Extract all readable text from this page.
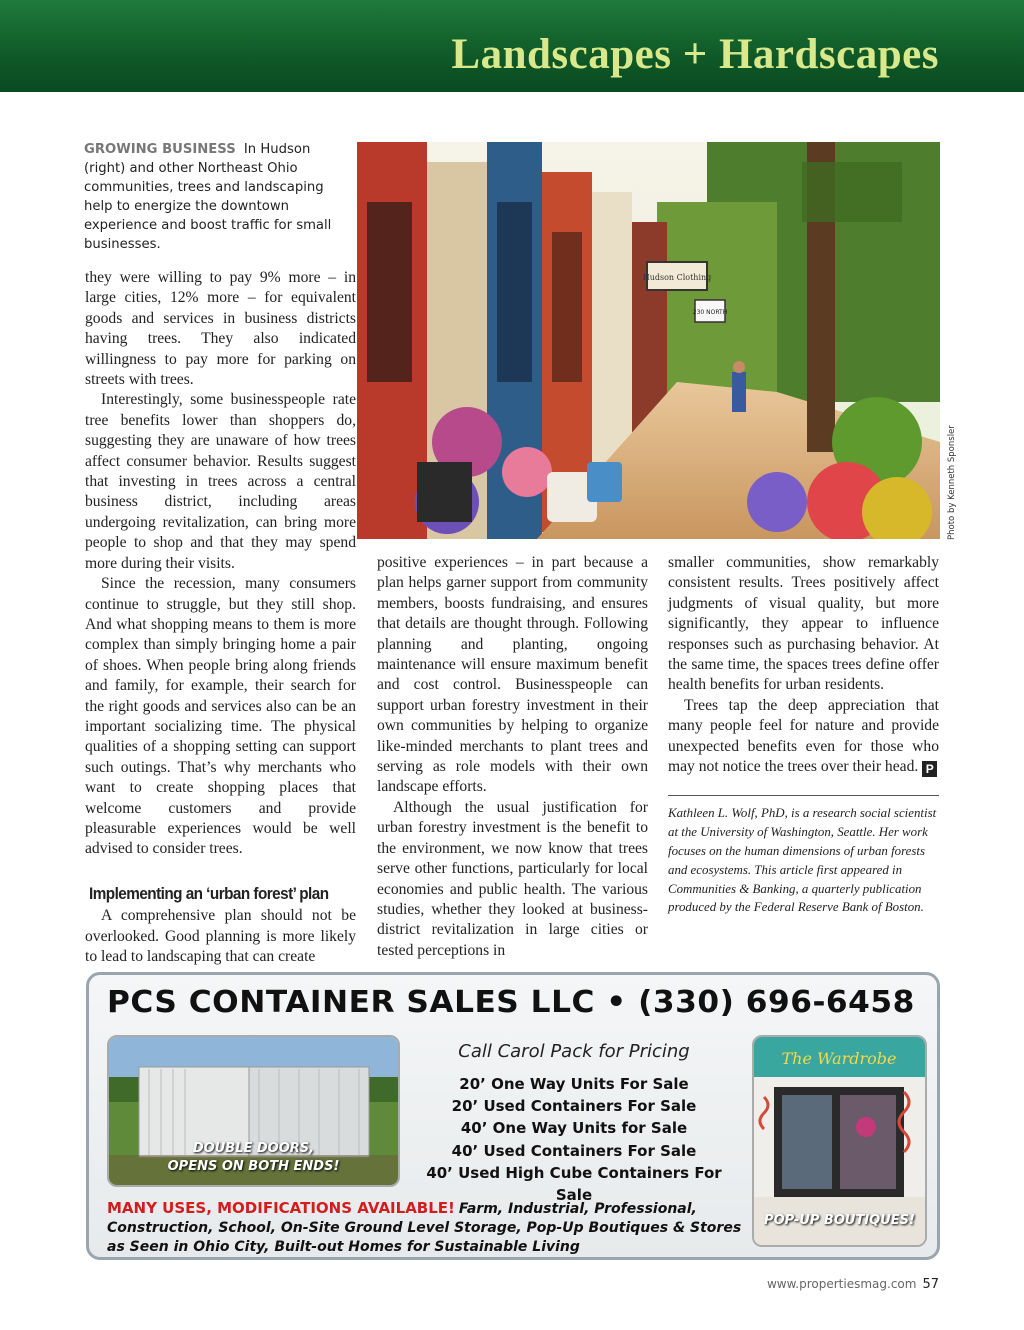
Landscapes + Hardscapes
GROWING BUSINESS In Hudson (right) and other Northeast Ohio communities, trees and landscaping help to energize the downtown experience and boost traffic for small businesses.
Hudson Clothing
230 NORTH
Photo by Kenneth Sponsler

they were willing to pay 9% more – in large cities, 12% more – for equivalent goods and services in business districts having trees. They also indicated willingness to pay more for parking on streets with trees.

Interestingly, some businesspeople rate tree benefits lower than shoppers do, suggesting they are unaware of how trees affect consumer behavior. Results suggest that investing in trees across a central business district, including areas undergoing revitalization, can bring more people to shop and that they may spend more during their visits.

Since the recession, many consumers continue to struggle, but they still shop. And what shopping means to them is more complex than simply bringing home a pair of shoes. When people bring along friends and family, for example, their search for the right goods and services also can be an important socializing time. The physical qualities of a shopping setting can support such outings. That’s why merchants who want to create shopping places that welcome customers and provide pleasurable experiences would be well advised to consider trees.

Implementing an ‘urban forest’ plan

A comprehensive plan should not be overlooked. Good planning is more likely to lead to landscaping that can create

positive experiences – in part because a plan helps garner support from community members, boosts fundraising, and ensures that details are thought through. Following planning and planting, ongoing maintenance will ensure maximum benefit and cost control. Businesspeople can support urban forestry investment in their own communities by helping to organize like-minded merchants to plant trees and serving as role models with their own landscape efforts.

Although the usual justification for urban forestry investment is the benefit to the environment, we now know that trees serve other functions, particularly for local economies and public health. The various studies, whether they looked at business-district revitalization in large cities or tested perceptions in

smaller communities, show remarkably consistent results. Trees positively affect judgments of visual quality, but more significantly, they appear to influence responses such as purchasing behavior. At the same time, the spaces trees define offer health benefits for urban residents.

Trees tap the deep appreciation that many people feel for nature and provide unexpected benefits even for those who may not notice the trees over their head. P

Kathleen L. Wolf, PhD, is a research social scientist at the University of Washington, Seattle. Her work focuses on the human dimensions of urban forests and ecosystems. This article first appeared in Communities & Banking, a quarterly publication produced by the Federal Reserve Bank of Boston.

PCS CONTAINER SALES LLC • (330) 696-6458
DOUBLE DOORS,
OPENS ON BOTH ENDS!
Call Carol Pack for Pricing
20’ One Way Units For Sale
20’ Used Containers For Sale
40’ One Way Units for Sale
40’ Used Containers For Sale
40’ Used High Cube Containers For Sale
The Wardrobe
POP-UP BOUTIQUES!
MANY USES, MODIFICATIONS AVAILABLE! Farm, Industrial, Professional, Construction, School, On-Site Ground Level Storage, Pop-Up Boutiques & Stores as Seen in Ohio City, Built-out Homes for Sustainable Living
www.propertiesmag.com 57
